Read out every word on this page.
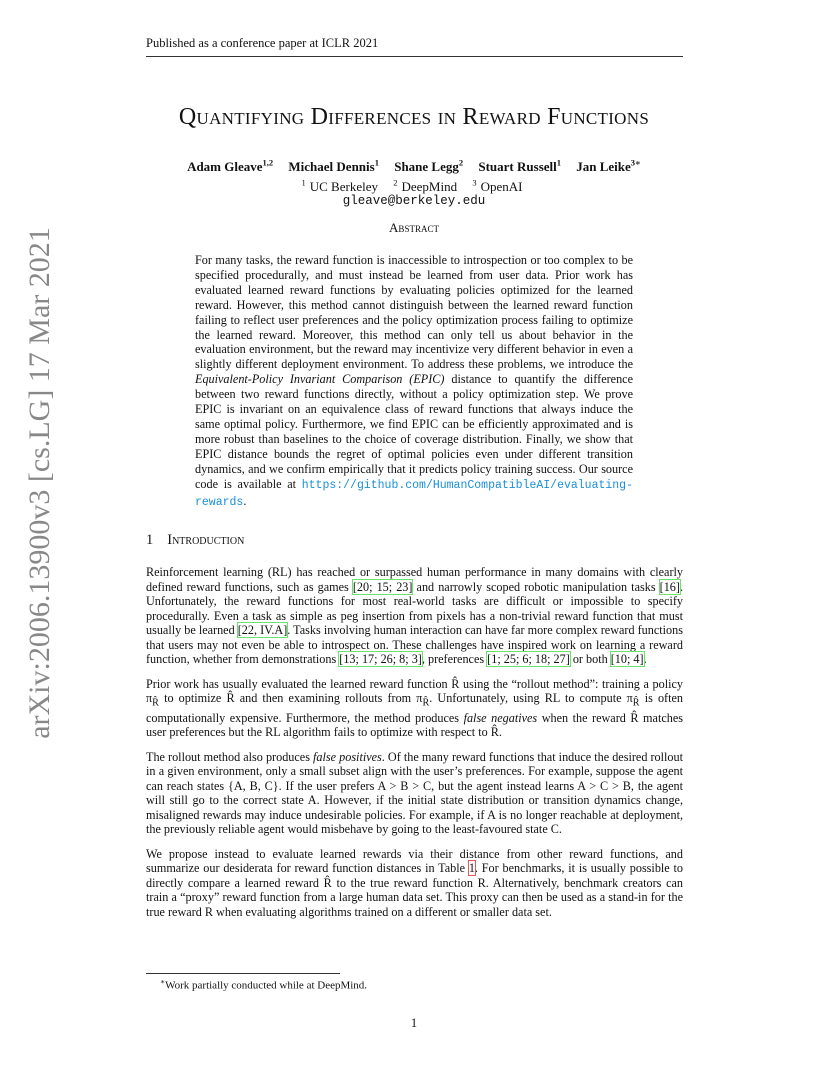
Published as a conference paper at ICLR 2021
arXiv:2006.13900v3 [cs.LG] 17 Mar 2021
Quantifying Differences in Reward Functions
Adam Gleave$^{1,2}$ Michael Dennis$^1$ Shane Legg$^2$ Stuart Russell$^1$ Jan Leike$^{3∗}$
$^1$ UC Berkeley $^2$ DeepMind $^3$ OpenAI
gleave@berkeley.edu
Abstract
For many tasks, the reward function is inaccessible to introspection or too complex to be specified procedurally, and must instead be learned from user data. Prior work has evaluated learned reward functions by evaluating policies optimized for the learned reward. However, this method cannot distinguish between the learned reward function failing to reflect user preferences and the policy optimization process failing to optimize the learned reward. Moreover, this method can only tell us about behavior in the evaluation environment, but the reward may incentivize very different behavior in even a slightly different deployment environment. To address these problems, we introduce the Equivalent-Policy Invariant Comparison (EPIC) distance to quantify the difference between two reward functions directly, without a policy optimization step. We prove EPIC is invariant on an equivalence class of reward functions that always induce the same optimal policy. Furthermore, we find EPIC can be efficiently approximated and is more robust than baselines to the choice of coverage distribution. Finally, we show that EPIC distance bounds the regret of optimal policies even under different transition dynamics, and we confirm empirically that it predicts policy training success. Our source code is available at https://github.com/HumanCompatibleAI/evaluating-rewards.
1 Introduction

Reinforcement learning (RL) has reached or surpassed human performance in many domains with clearly defined reward functions, such as games [20; 15; 23] and narrowly scoped robotic manipulation tasks [16]. Unfortunately, the reward functions for most real-world tasks are difficult or impossible to specify procedurally. Even a task as simple as peg insertion from pixels has a non-trivial reward function that must usually be learned [22, IV.A]. Tasks involving human interaction can have far more complex reward functions that users may not even be able to introspect on. These challenges have inspired work on learning a reward function, whether from demonstrations [13; 17; 26; 8; 3], preferences [1; 25; 6; 18; 27] or both [10; 4].

Prior work has usually evaluated the learned reward function R̂ using the “rollout method”: training a policy $\pi_{R̂}$ to optimize R̂ and then examining rollouts from $\pi_{R̂}$. Unfortunately, using RL to compute $\pi_{R̂}$ is often computationally expensive. Furthermore, the method produces false negatives when the reward R̂ matches user preferences but the RL algorithm fails to optimize with respect to R̂.

The rollout method also produces false positives. Of the many reward functions that induce the desired rollout in a given environment, only a small subset align with the user’s preferences. For example, suppose the agent can reach states {A, B, C}. If the user prefers A > B > C, but the agent instead learns A > C > B, the agent will still go to the correct state A. However, if the initial state distribution or transition dynamics change, misaligned rewards may induce undesirable policies. For example, if A is no longer reachable at deployment, the previously reliable agent would misbehave by going to the least-favoured state C.

We propose instead to evaluate learned rewards via their distance from other reward functions, and summarize our desiderata for reward function distances in Table 1. For benchmarks, it is usually possible to directly compare a learned reward R̂ to the true reward function R. Alternatively, benchmark creators can train a “proxy” reward function from a large human data set. This proxy can then be used as a stand-in for the true reward R when evaluating algorithms trained on a different or smaller data set.

∗Work partially conducted while at DeepMind.
1
